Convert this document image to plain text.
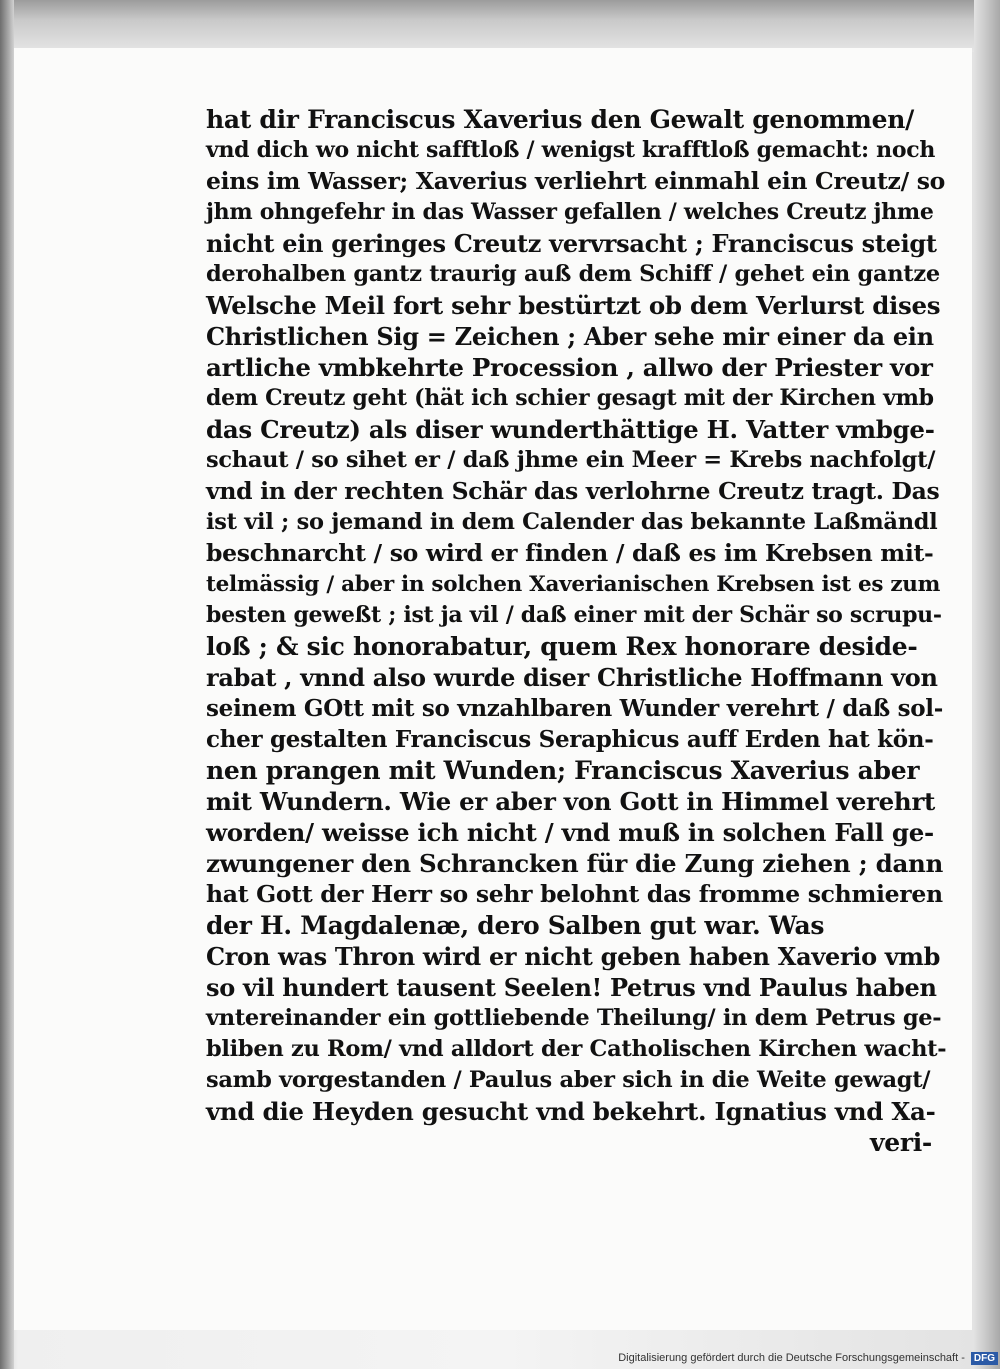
hat dir Franciscus Xaverius den Gewalt genommen/
vnd dich wo nicht safftloß / wenigst krafftloß gemacht: noch
eins im Wasser; Xaverius verliehrt einmahl ein Creutz/ so
jhm ohngefehr in das Wasser gefallen / welches Creutz jhme
nicht ein geringes Creutz vervrsacht ; Franciscus steigt
derohalben gantz traurig auß dem Schiff / gehet ein gantze
Welsche Meil fort sehr bestürtzt ob dem Verlurst dises
Christlichen Sig = Zeichen ; Aber sehe mir einer da ein
artliche vmbkehrte Procession , allwo der Priester vor
dem Creutz geht (hät ich schier gesagt mit der Kirchen vmb
das Creutz) als diser wunderthättige H. Vatter vmbge-
schaut / so sihet er / daß jhme ein Meer = Krebs nachfolgt/
vnd in der rechten Schär das verlohrne Creutz tragt. Das
ist vil ; so jemand in dem Calender das bekannte Laßmändl
beschnarcht / so wird er finden / daß es im Krebsen mit-
telmässig / aber in solchen Xaverianischen Krebsen ist es zum
besten geweßt ; ist ja vil / daß einer mit der Schär so scrupu-
loß ; & sic honorabatur, quem Rex honorare deside-
rabat , vnnd also wurde diser Christliche Hoffmann von
seinem GOtt mit so vnzahlbaren Wunder verehrt / daß sol-
cher gestalten Franciscus Seraphicus auff Erden hat kön-
nen prangen mit Wunden; Franciscus Xaverius aber
mit Wundern. Wie er aber von Gott in Himmel verehrt
worden/ weisse ich nicht / vnd muß in solchen Fall ge-
zwungener den Schrancken für die Zung ziehen ; dann
hat Gott der Herr so sehr belohnt das fromme schmieren
der H. Magdalenæ, dero Salben gut war. Was
Cron was Thron wird er nicht geben haben Xaverio vmb
so vil hundert tausent Seelen! Petrus vnd Paulus haben
vntereinander ein gottliebende Theilung/ in dem Petrus ge-
bliben zu Rom/ vnd alldort der Catholischen Kirchen wacht-
samb vorgestanden / Paulus aber sich in die Weite gewagt/
vnd die Heyden gesucht vnd bekehrt. Ignatius vnd Xa-
veri-
Digitalisierung gefördert durch die Deutsche Forschungsgemeinschaft - DFG
